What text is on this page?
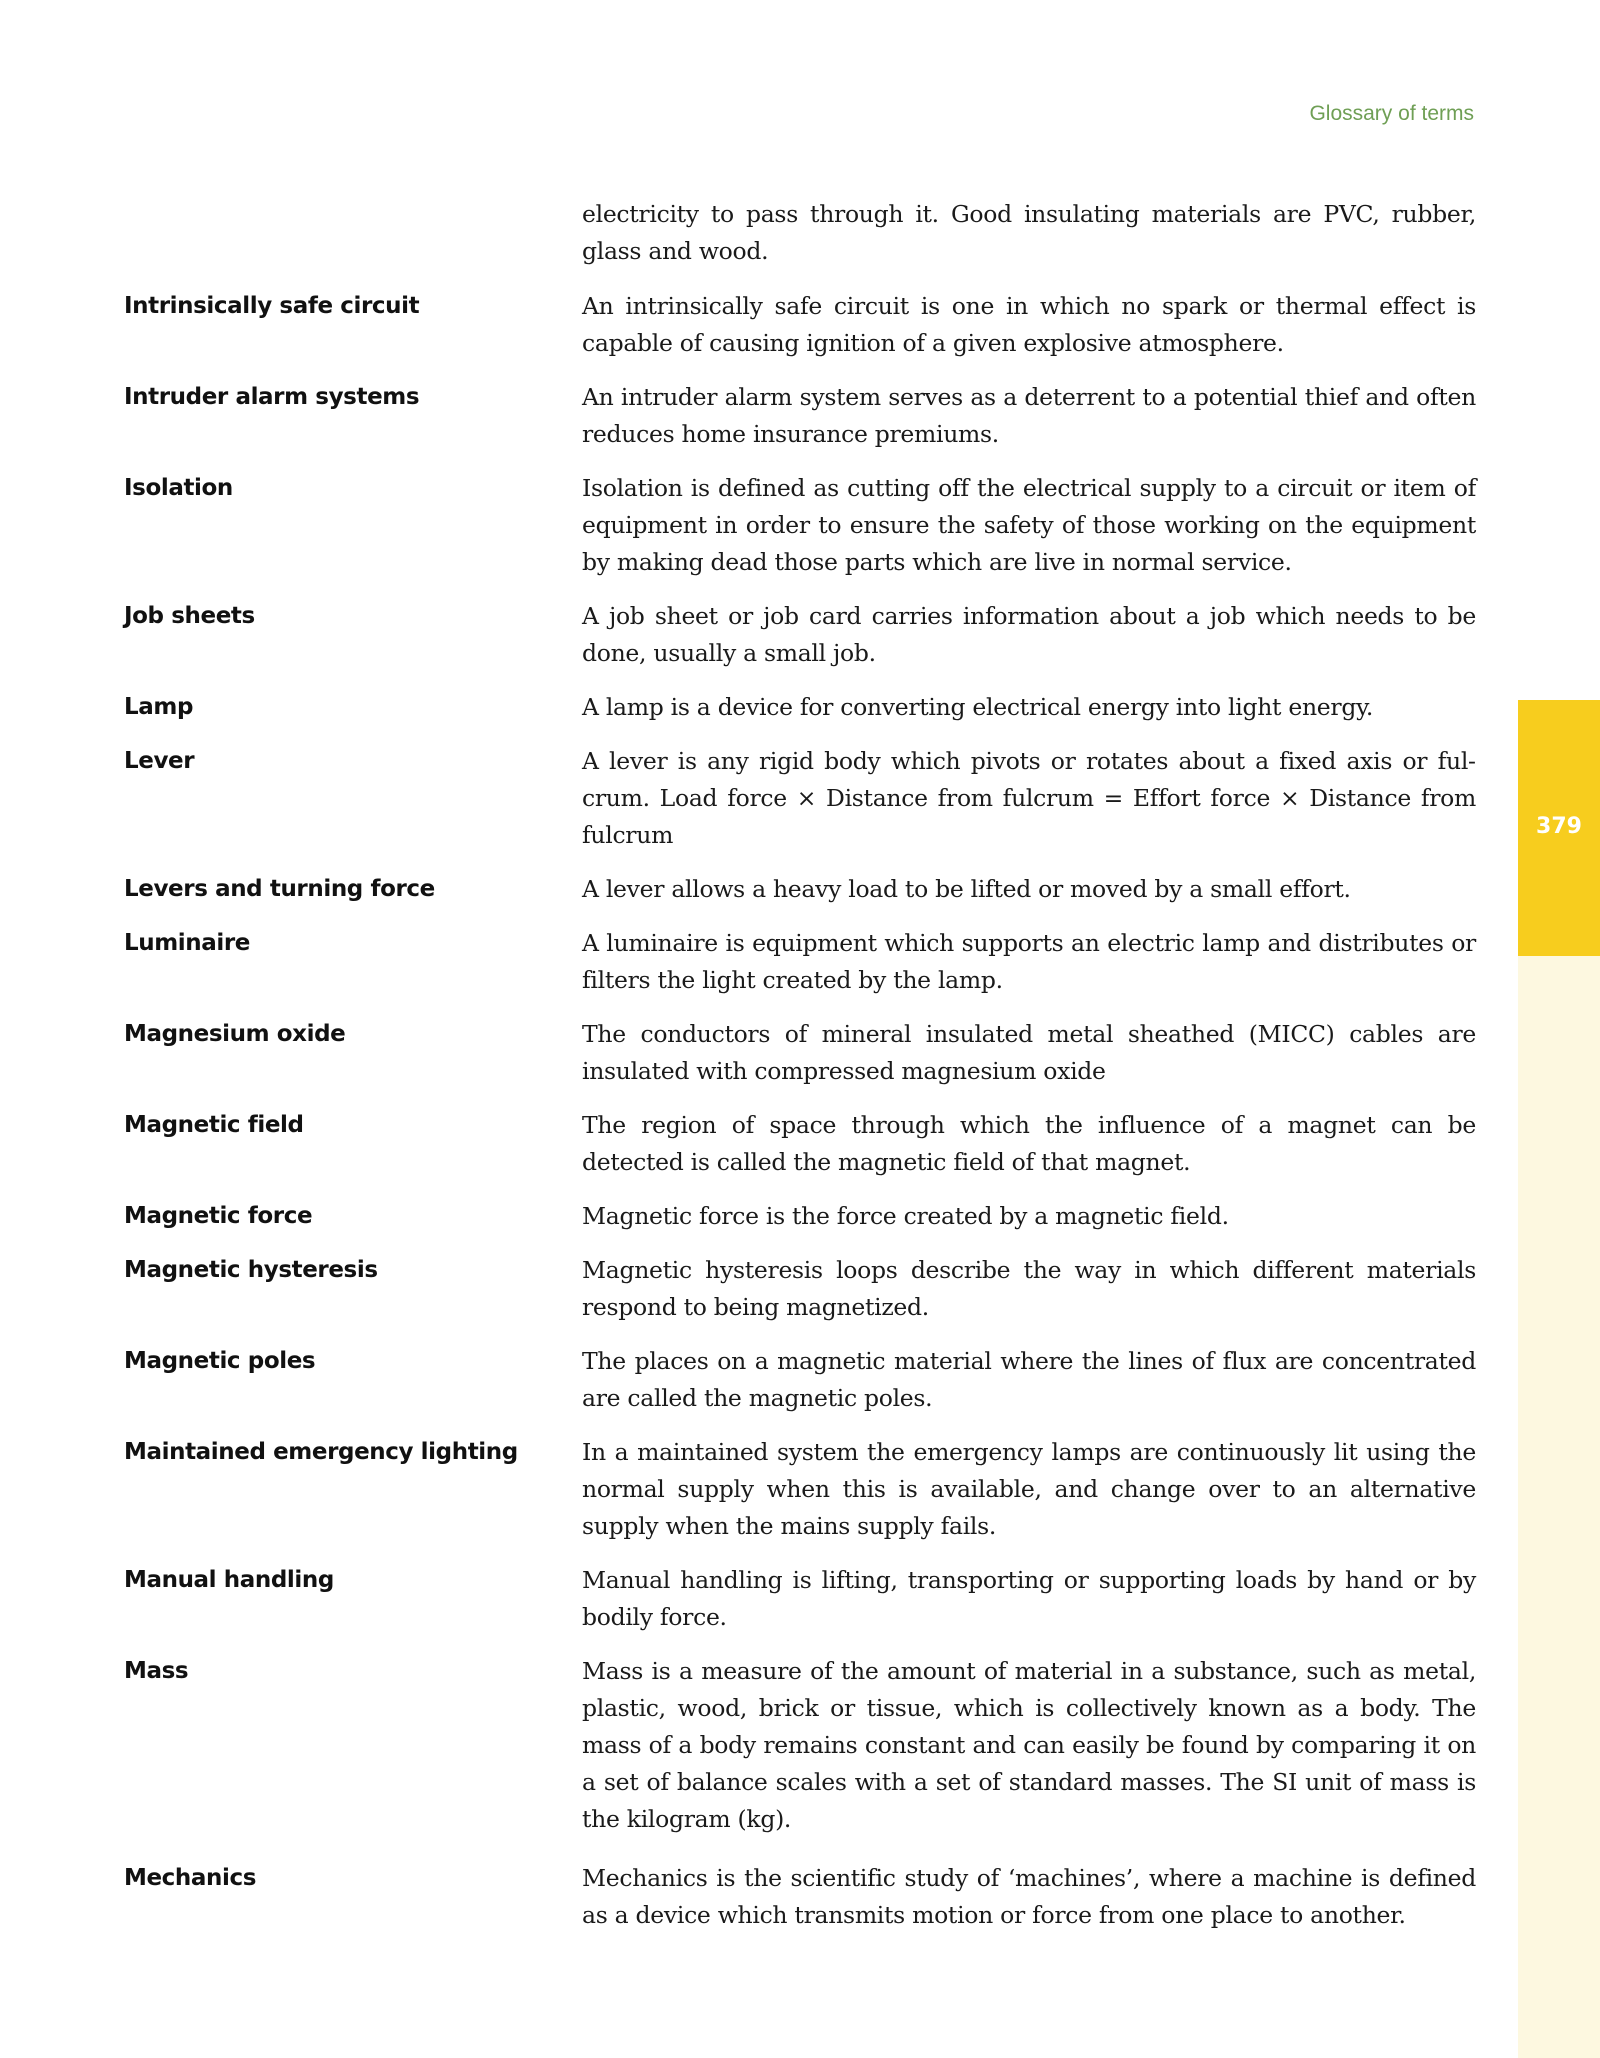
Glossary of terms
379
electricity to pass through it. Good insulating materials are PVC, rubber, glass and wood.
Intrinsically safe circuit	An intrinsically safe circuit is one in which no spark or thermal effect is capable of causing ignition of a given explosive atmosphere.
Intruder alarm systems	An intruder alarm system serves as a deterrent to a potential thief and often reduces home insurance premiums.
Isolation	Isolation is defined as cutting off the electrical supply to a circuit or item of equipment in order to ensure the safety of those working on the equipment by making dead those parts which are live in normal service.
Job sheets	A job sheet or job card carries information about a job which needs to be done, usually a small job.
Lamp	A lamp is a device for converting electrical energy into light energy.
Lever	A lever is any rigid body which pivots or rotates about a fixed axis or fulcrum. Load force × Distance from fulcrum = Effort force × Distance from fulcrum
Levers and turning force	A lever allows a heavy load to be lifted or moved by a small effort.
Luminaire	A luminaire is equipment which supports an electric lamp and distributes or filters the light created by the lamp.
Magnesium oxide	The conductors of mineral insulated metal sheathed (MICC) cables are insulated with compressed magnesium oxide
Magnetic field	The region of space through which the influence of a magnet can be detected is called the magnetic field of that magnet.
Magnetic force	Magnetic force is the force created by a magnetic field.
Magnetic hysteresis	Magnetic hysteresis loops describe the way in which different materials respond to being magnetized.
Magnetic poles	The places on a magnetic material where the lines of flux are concentrated are called the magnetic poles.
Maintained emergency lighting	In a maintained system the emergency lamps are continuously lit using the normal supply when this is available, and change over to an alternative supply when the mains supply fails.
Manual handling	Manual handling is lifting, transporting or supporting loads by hand or by bodily force.
Mass	Mass is a measure of the amount of material in a substance, such as metal, plastic, wood, brick or tissue, which is collectively known as a body. The mass of a body remains constant and can easily be found by comparing it on a set of balance scales with a set of standard masses. The SI unit of mass is the kilogram (kg).
Mechanics	Mechanics is the scientific study of ‘machines’, where a machine is defined as a device which transmits motion or force from one place to another.
